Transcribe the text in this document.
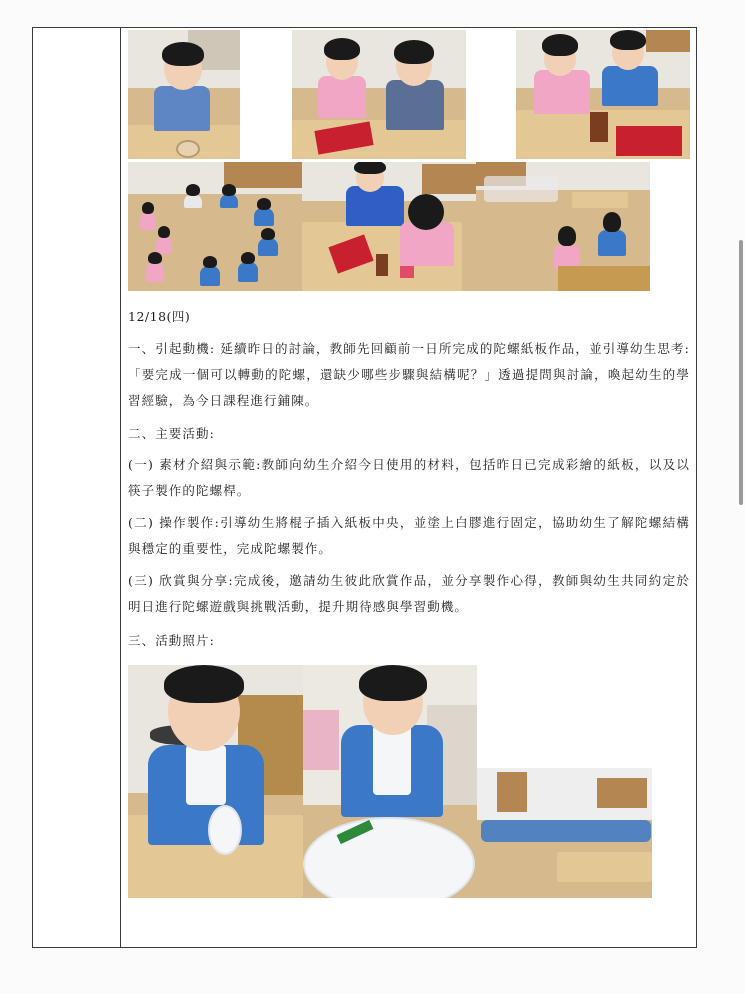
12/18(四)

一、引起動機: 延續昨日的討論，教師先回顧前一日所完成的陀螺紙板作品，並引導幼生思考:「要完成一個可以轉動的陀螺，還缺少哪些步驟與結構呢？」透過提問與討論，喚起幼生的學習經驗，為今日課程進行鋪陳。

二、主要活動:

(一) 素材介紹與示範:教師向幼生介紹今日使用的材料，包括昨日已完成彩繪的紙板，以及以筷子製作的陀螺桿。

(二) 操作製作:引導幼生將棍子插入紙板中央，並塗上白膠進行固定，協助幼生了解陀螺結構與穩定的重要性，完成陀螺製作。

(三) 欣賞與分享:完成後，邀請幼生彼此欣賞作品，並分享製作心得，教師與幼生共同約定於明日進行陀螺遊戲與挑戰活動，提升期待感與學習動機。

三、活動照片:
